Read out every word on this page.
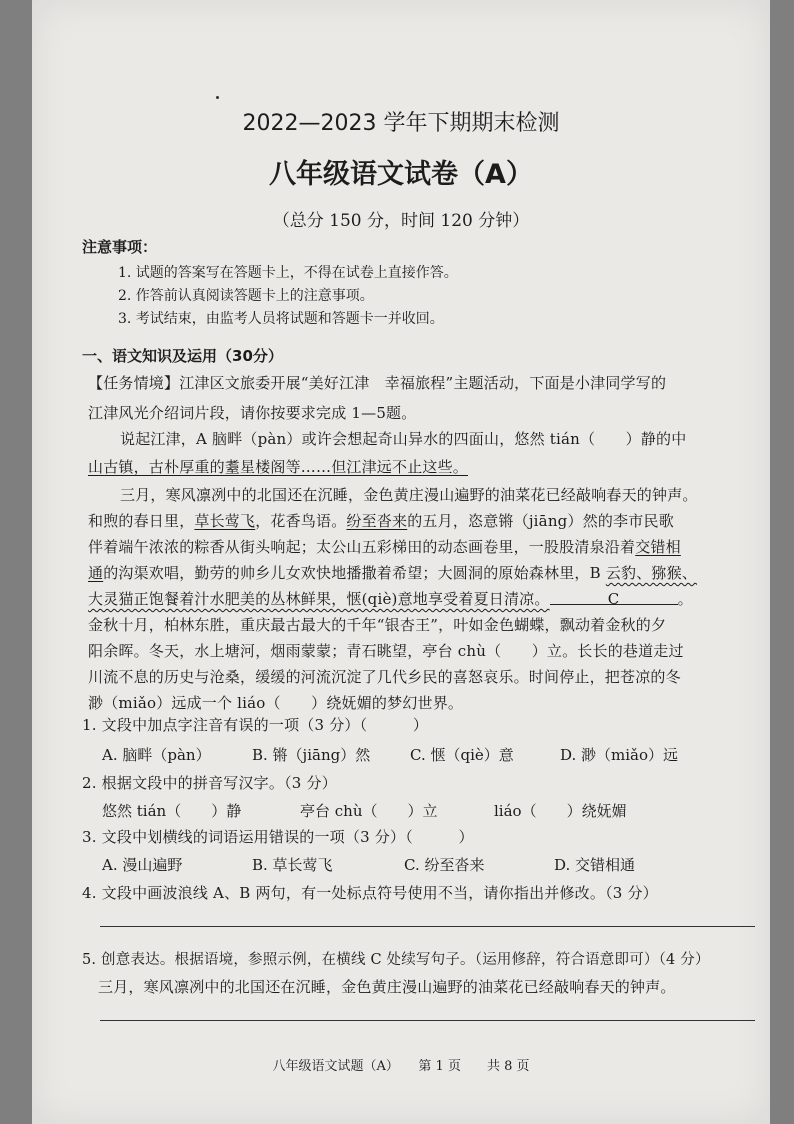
2022—2023 学年下期期末检测
八年级语文试卷（A）
（总分 150 分，时间 120 分钟）
注意事项：
1. 试题的答案写在答题卡上，不得在试卷上直接作答。
2. 作答前认真阅读答题卡上的注意事项。
3. 考试结束，由监考人员将试题和答题卡一并收回。
一、语文知识及运用（30分）
【任务情境】江津区文旅委开展“美好江津　幸福旅程”主题活动，下面是小津同学写的
江津风光介绍词片段，请你按要求完成 1—5题。
说起江津，A 脑畔（pàn）或许会想起奇山异水的四面山，悠然 tián（　　）静的中
山古镇，古朴厚重的耋星楼阁等……但江津远不止这些。
三月，寒风凛冽中的北国还在沉睡，金色黄庄漫山遍野的油菜花已经敲响春天的钟声。
和煦的春日里，草长莺飞，花香鸟语。纷至沓来的五月，恣意锵（jiāng）然的李市民歌
伴着端午浓浓的粽香从街头响起；太公山五彩梯田的动态画卷里，一股股清泉沿着交错相
通的沟渠欢唱，勤劳的帅乡儿女欢快地播撒着希望；大圆洞的原始森林里，B 云豹、猕猴、
大灵猫正饱餐着汁水肥美的丛林鲜果，惬(qiè)意地享受着夏日清凉。	C	。
金秋十月，柏林东胜，重庆最古最大的千年“银杏王”，叶如金色蝴蝶，飘动着金秋的夕
阳余晖。冬天，水上塘河，烟雨蒙蒙；青石眺望，亭台 chù（　　）立。长长的巷道走过
川流不息的历史与沧桑，缓缓的河流沉淀了几代乡民的喜怒哀乐。时间停止，把苍凉的冬
渺（miǎo）远成一个 liáo（　　）绕妩媚的梦幻世界。
1. 文段中加点字注音有误的一项（3 分）（　　　）
A. 脑畔（pàn）	B. 锵（jiāng）然	C. 惬（qiè）意	D. 渺（miǎo）远
2. 根据文段中的拼音写汉字。（3 分）
悠然 tián（　　）静	亭台 chù（　　）立	liáo（　　）绕妩媚
3. 文段中划横线的词语运用错误的一项（3 分）（　　　）
A. 漫山遍野	B. 草长莺飞	C. 纷至沓来	D. 交错相通
4. 文段中画波浪线 A、B 两句，有一处标点符号使用不当，请你指出并修改。（3 分）
5. 创意表达。根据语境，参照示例，在横线 C 处续写句子。（运用修辞，符合语意即可）（4 分）
三月，寒风凛冽中的北国还在沉睡，金色黄庄漫山遍野的油菜花已经敲响春天的钟声。
八年级语文试题（A）　　第 1 页　　共 8 页
